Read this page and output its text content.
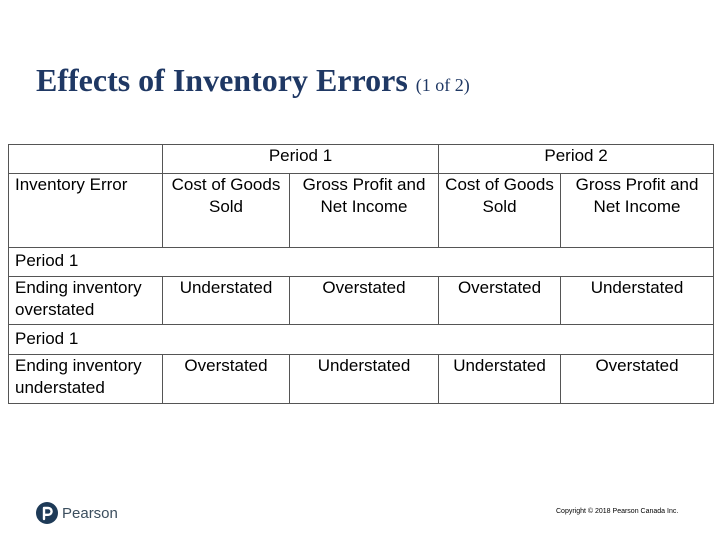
Effects of Inventory Errors (1 of 2)
	Period 1		Period 2	
Inventory Error	Cost of Goods Sold	Gross Profit and Net Income	Cost of Goods Sold	Gross Profit and Net Income
Period 1				
Ending inventory overstated	Understated	Overstated	Overstated	Understated
Period 1				
Ending inventory understated	Overstated	Understated	Understated	Overstated
Pearson	Copyright © 2018 Pearson Canada Inc.
